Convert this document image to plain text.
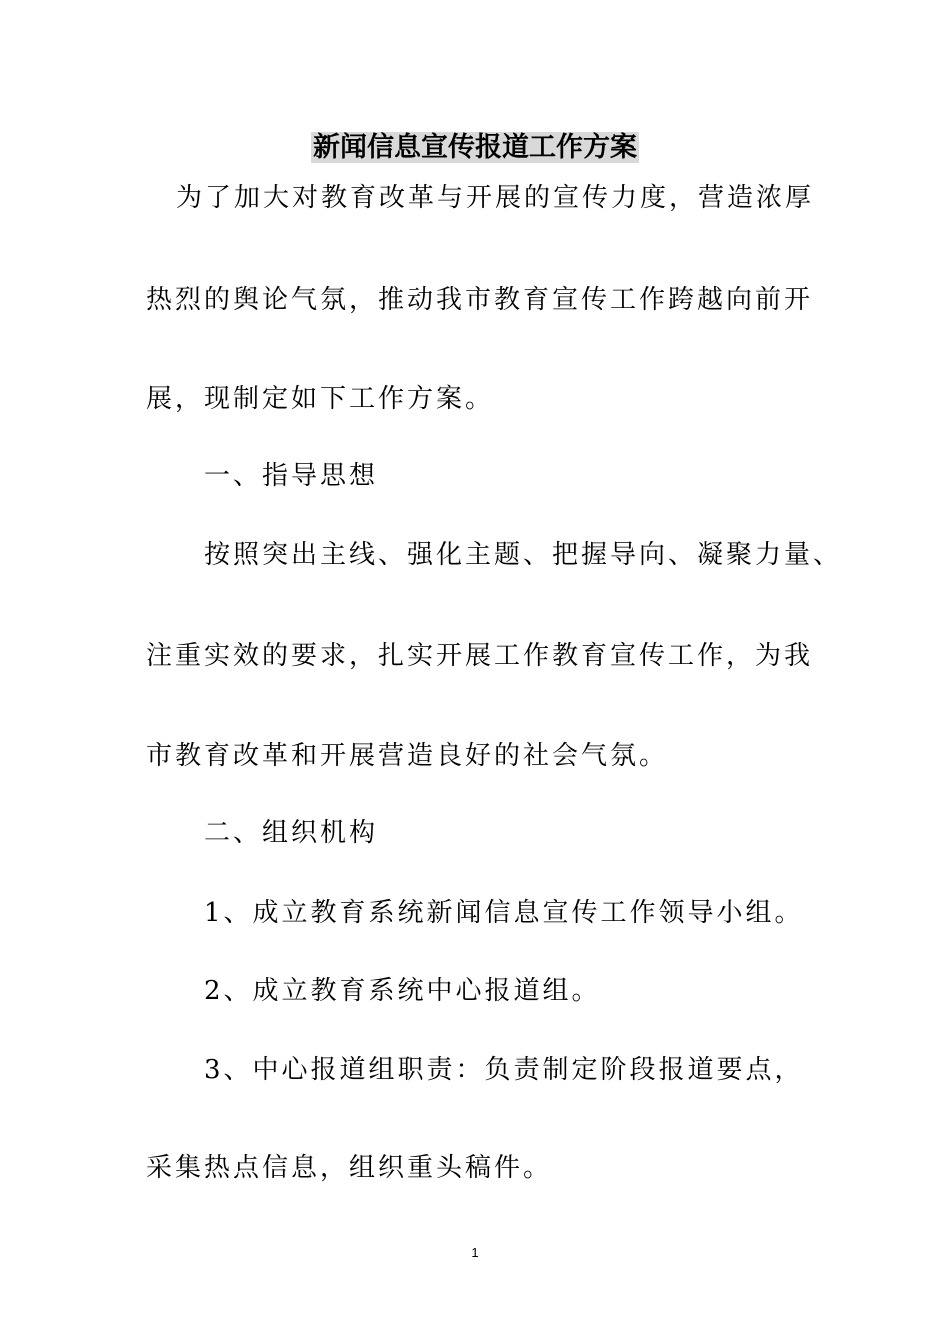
新闻信息宣传报道工作方案
为了加大对教育改革与开展的宣传力度，营造浓厚
热烈的舆论气氛，推动我市教育宣传工作跨越向前开
展，现制定如下工作方案。
一、指导思想
按照突出主线、强化主题、把握导向、凝聚力量、
注重实效的要求，扎实开展工作教育宣传工作，为我
市教育改革和开展营造良好的社会气氛。
二、组织机构
1、成立教育系统新闻信息宣传工作领导小组。
2、成立教育系统中心报道组。
3、中心报道组职责：负责制定阶段报道要点，
采集热点信息，组织重头稿件。
1
